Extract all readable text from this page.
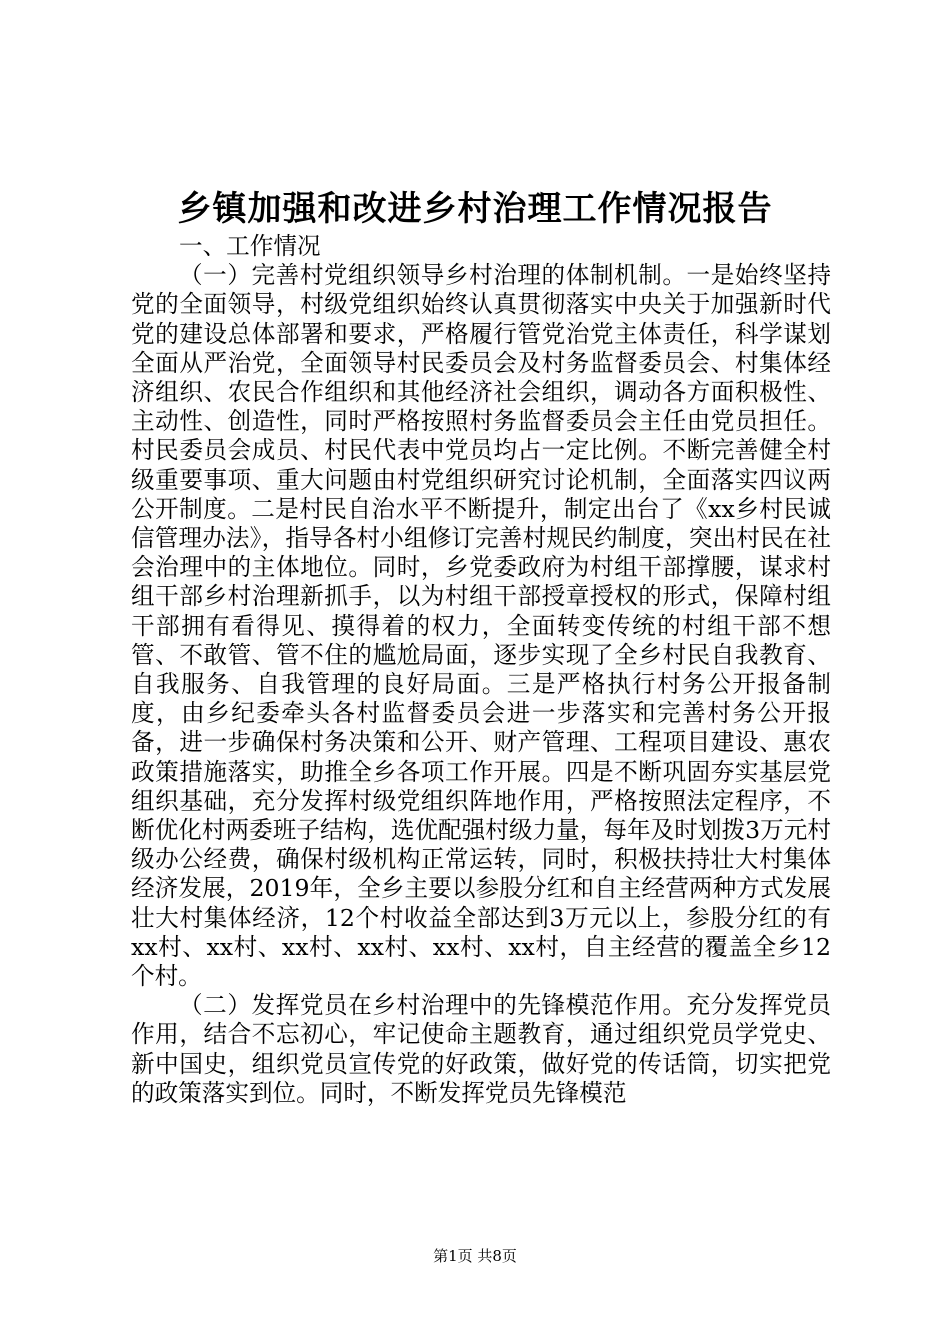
乡镇加强和改进乡村治理工作情况报告

一、工作情况

（一）完善村党组织领导乡村治理的体制机制。一是始终坚持党的全面领导，村级党组织始终认真贯彻落实中央关于加强新时代党的建设总体部署和要求，严格履行管党治党主体责任，科学谋划全面从严治党，全面领导村民委员会及村务监督委员会、村集体经济组织、农民合作组织和其他经济社会组织，调动各方面积极性、主动性、创造性，同时严格按照村务监督委员会主任由党员担任。村民委员会成员、村民代表中党员均占一定比例。不断完善健全村级重要事项、重大问题由村党组织研究讨论机制，全面落实四议两公开制度。二是村民自治水平不断提升，制定出台了《xx乡村民诚信管理办法》，指导各村小组修订完善村规民约制度，突出村民在社会治理中的主体地位。同时，乡党委政府为村组干部撑腰，谋求村组干部乡村治理新抓手，以为村组干部授章授权的形式，保障村组干部拥有看得见、摸得着的权力，全面转变传统的村组干部不想管、不敢管、管不住的尴尬局面，逐步实现了全乡村民自我教育、自我服务、自我管理的良好局面。三是严格执行村务公开报备制度，由乡纪委牵头各村监督委员会进一步落实和完善村务公开报备，进一步确保村务决策和公开、财产管理、工程项目建设、惠农政策措施落实，助推全乡各项工作开展。四是不断巩固夯实基层党组织基础，充分发挥村级党组织阵地作用，严格按照法定程序，不断优化村两委班子结构，选优配强村级力量，每年及时划拨3万元村级办公经费，确保村级机构正常运转，同时，积极扶持壮大村集体经济发展，2019年，全乡主要以参股分红和自主经营两种方式发展壮大村集体经济，12个村收益全部达到3万元以上，参股分红的有xx村、xx村、xx村、xx村、xx村、xx村，自主经营的覆盖全乡12个村。

（二）发挥党员在乡村治理中的先锋模范作用。充分发挥党员作用，结合不忘初心，牢记使命主题教育，通过组织党员学党史、新中国史，组织党员宣传党的好政策，做好党的传话筒，切实把党的政策落实到位。同时，不断发挥党员先锋模范

第1页 共8页
